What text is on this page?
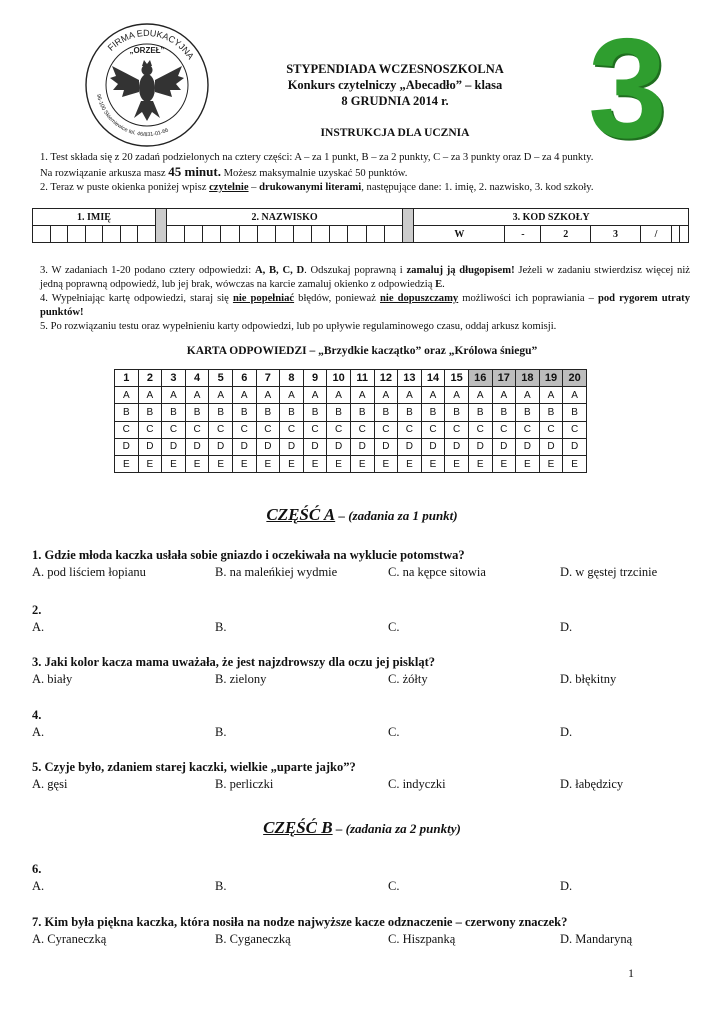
FIRMA EDUKACYJNA
96-100 Skierniewice tel. 46/831-01-66
„ORZEŁ”	3
STYPENDIADA WCZESNOSZKOLNA
Konkurs czytelniczy „Abecadło” – klasa
8 GRUDNIA 2014 r.
INSTRUKCJA DLA UCZNIA
1. Test składa się z 20 zadań podzielonych na cztery części: A – za 1 punkt, B – za 2 punkty, C – za 3 punkty oraz D – za 4 punkty.
Na rozwiązanie arkusza masz 45 minut. Możesz maksymalnie uzyskać 50 punktów.
2. Teraz w puste okienka poniżej wpisz czytelnie – drukowanymi literami, następujące dane: 1. imię, 2. nazwisko, 3. kod szkoły.
1. IMIĘ								2. NAZWISKO														3. KOD SZKOŁY						
																						W	-	2	3	/		
3. W zadaniach 1-20 podano cztery odpowiedzi: A, B, C, D. Odszukaj poprawną i zamaluj ją długopisem! Jeżeli w zadaniu stwierdzisz więcej niż jedną poprawną odpowiedź, lub jej brak, wówczas na karcie zamaluj okienko z odpowiedzią E.
4. Wypełniając kartę odpowiedzi, staraj się nie popełniać błędów, ponieważ nie dopuszczamy możliwości ich poprawiania – pod rygorem utraty punktów!
5. Po rozwiązaniu testu oraz wypełnieniu karty odpowiedzi, lub po upływie regulaminowego czasu, oddaj arkusz komisji.
KARTA ODPOWIEDZI – „Brzydkie kaczątko” oraz „Królowa śniegu”
1	2	3	4	5	6	7	8	9	10	11	12	13	14	15	16	17	18	19	20
A	A	A	A	A	A	A	A	A	A	A	A	A	A	A	A	A	A	A	A
B	B	B	B	B	B	B	B	B	B	B	B	B	B	B	B	B	B	B	B
C	C	C	C	C	C	C	C	C	C	C	C	C	C	C	C	C	C	C	C
D	D	D	D	D	D	D	D	D	D	D	D	D	D	D	D	D	D	D	D
E	E	E	E	E	E	E	E	E	E	E	E	E	E	E	E	E	E	E	E
CZĘŚĆ A – (zadania za 1 punkt)
1. Gdzie młoda kaczka usłała sobie gniazdo i oczekiwała na wyklucie potomstwa?
A. pod liściem łopianu	B. na maleńkiej wydmie	C. na kępce sitowia	D. w gęstej trzcinie
2.
A.	B.	C.	D.
3. Jaki kolor kacza mama uważała, że jest najzdrowszy dla oczu jej piskląt?
A. biały	B. zielony	C. żółty	D. błękitny
4.
A.	B.	C.	D.
5. Czyje było, zdaniem starej kaczki, wielkie „uparte jajko”?
A. gęsi	B. perliczki	C. indyczki	D. łabędzicy
6.
A.	B.	C.	D.
7. Kim była piękna kaczka, która nosiła na nodze najwyższe kacze odznaczenie – czerwony znaczek?
A. Cyraneczką	B. Cyganeczką	C. Hiszpanką	D. Mandaryną
CZĘŚĆ B – (zadania za 2 punkty)
1
